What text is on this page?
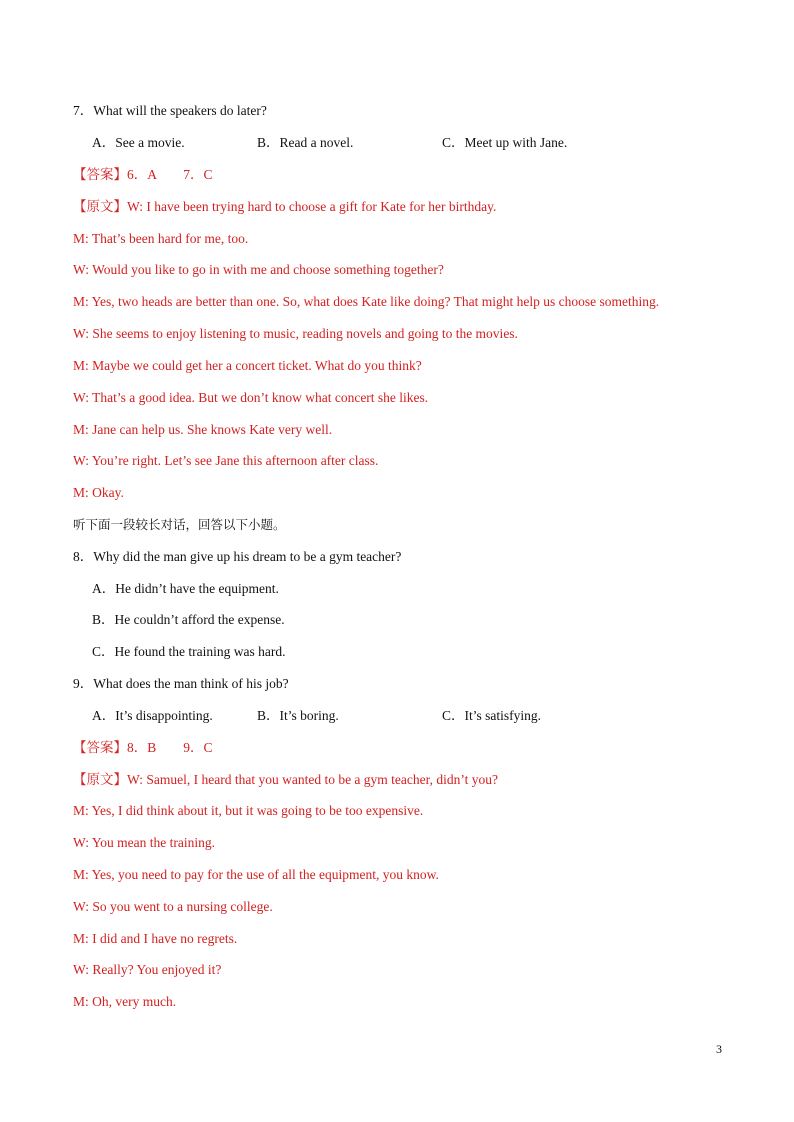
7．What will the speakers do later?
A．See a movie.	B．Read a novel.	C．Meet up with Jane.
【答案】6．A　　7．C
【原文】W: I have been trying hard to choose a gift for Kate for her birthday.
M: That’s been hard for me, too.
W: Would you like to go in with me and choose something together?
M: Yes, two heads are better than one. So, what does Kate like doing? That might help us choose something.
W: She seems to enjoy listening to music, reading novels and going to the movies.
M: Maybe we could get her a concert ticket. What do you think?
W: That’s a good idea. But we don’t know what concert she likes.
M: Jane can help us. She knows Kate very well.
W: You’re right. Let’s see Jane this afternoon after class.
M: Okay.
听下面一段较长对话，回答以下小题。
8．Why did the man give up his dream to be a gym teacher?
A．He didn’t have the equipment.
B．He couldn’t afford the expense.
C．He found the training was hard.
9．What does the man think of his job?
A．It’s disappointing.	B．It’s boring.	C．It’s satisfying.
【答案】8．B　　9．C
【原文】W: Samuel, I heard that you wanted to be a gym teacher, didn’t you?
M: Yes, I did think about it, but it was going to be too expensive.
W: You mean the training.
M: Yes, you need to pay for the use of all the equipment, you know.
W: So you went to a nursing college.
M: I did and I have no regrets.
W: Really? You enjoyed it?
M: Oh, very much.
3
